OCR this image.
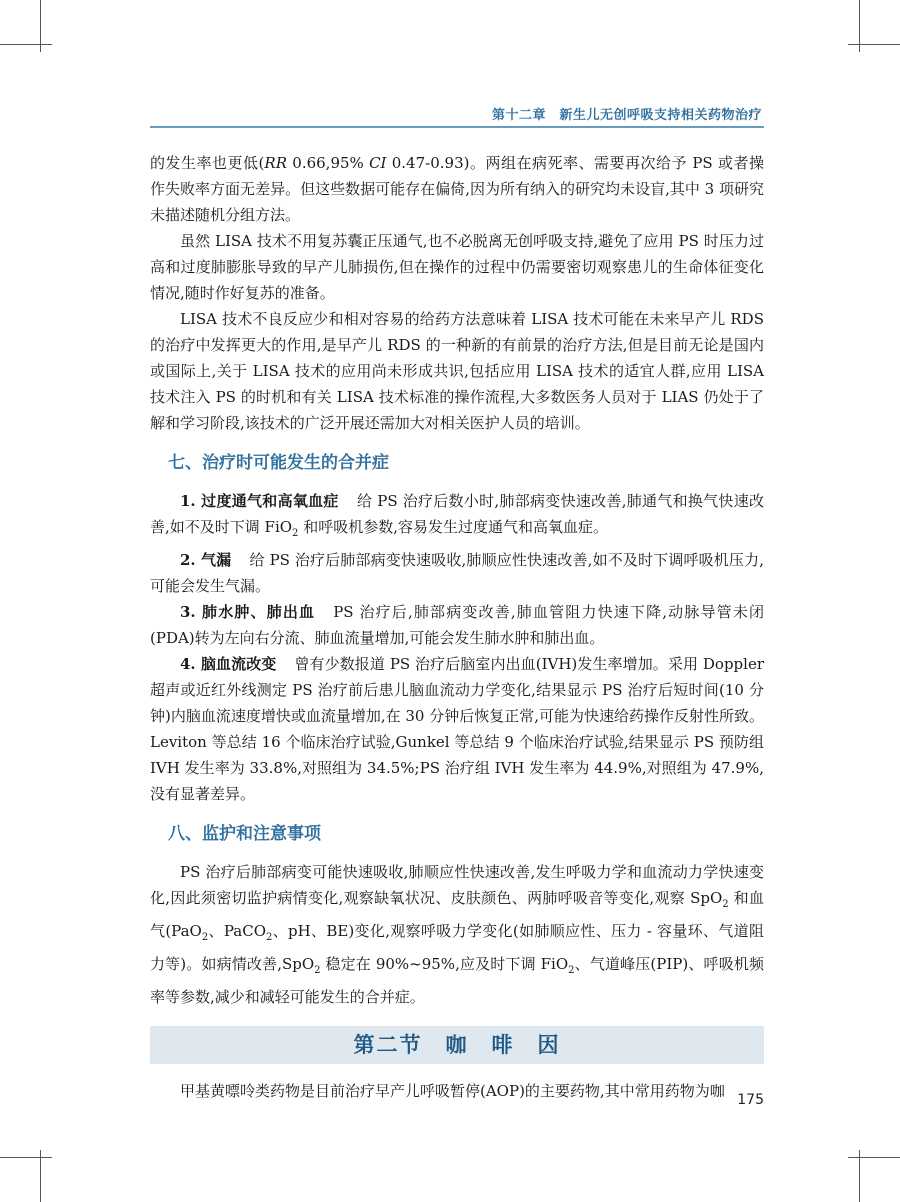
第十二章　新生儿无创呼吸支持相关药物治疗

的发生率也更低(RR 0.66,95% CI 0.47-0.93)。两组在病死率、需要再次给予 PS 或者操作失败率方面无差异。但这些数据可能存在偏倚,因为所有纳入的研究均未设盲,其中 3 项研究未描述随机分组方法。

虽然 LISA 技术不用复苏囊正压通气,也不必脱离无创呼吸支持,避免了应用 PS 时压力过高和过度肺膨胀导致的早产儿肺损伤,但在操作的过程中仍需要密切观察患儿的生命体征变化情况,随时作好复苏的准备。

LISA 技术不良反应少和相对容易的给药方法意味着 LISA 技术可能在未来早产儿 RDS 的治疗中发挥更大的作用,是早产儿 RDS 的一种新的有前景的治疗方法,但是目前无论是国内或国际上,关于 LISA 技术的应用尚未形成共识,包括应用 LISA 技术的适宜人群,应用 LISA 技术注入 PS 的时机和有关 LISA 技术标准的操作流程,大多数医务人员对于 LIAS 仍处于了解和学习阶段,该技术的广泛开展还需加大对相关医护人员的培训。

七、治疗时可能发生的合并症

1. 过度通气和高氧血症 给 PS 治疗后数小时,肺部病变快速改善,肺通气和换气快速改善,如不及时下调 FiO$_2$ 和呼吸机参数,容易发生过度通气和高氧血症。

2. 气漏 给 PS 治疗后肺部病变快速吸收,肺顺应性快速改善,如不及时下调呼吸机压力,可能会发生气漏。

3. 肺水肿、肺出血 PS 治疗后,肺部病变改善,肺血管阻力快速下降,动脉导管未闭(PDA)转为左向右分流、肺血流量增加,可能会发生肺水肿和肺出血。

4. 脑血流改变 曾有少数报道 PS 治疗后脑室内出血(IVH)发生率增加。采用 Doppler 超声或近红外线测定 PS 治疗前后患儿脑血流动力学变化,结果显示 PS 治疗后短时间(10 分钟)内脑血流速度增快或血流量增加,在 30 分钟后恢复正常,可能为快速给药操作反射性所致。Leviton 等总结 16 个临床治疗试验,Gunkel 等总结 9 个临床治疗试验,结果显示 PS 预防组 IVH 发生率为 33.8%,对照组为 34.5%;PS 治疗组 IVH 发生率为 44.9%,对照组为 47.9%,没有显著差异。

八、监护和注意事项

PS 治疗后肺部病变可能快速吸收,肺顺应性快速改善,发生呼吸力学和血流动力学快速变化,因此须密切监护病情变化,观察缺氧状况、皮肤颜色、两肺呼吸音等变化,观察 SpO$_2$ 和血气(PaO$_2$、PaCO$_2$、pH、BE)变化,观察呼吸力学变化(如肺顺应性、压力 - 容量环、气道阻力等)。如病情改善,SpO$_2$ 稳定在 90%~95%,应及时下调 FiO$_2$、气道峰压(PIP)、呼吸机频率等参数,减少和减轻可能发生的合并症。

第二节　咖　啡　因

甲基黄嘌呤类药物是目前治疗早产儿呼吸暂停(AOP)的主要药物,其中常用药物为咖 175
